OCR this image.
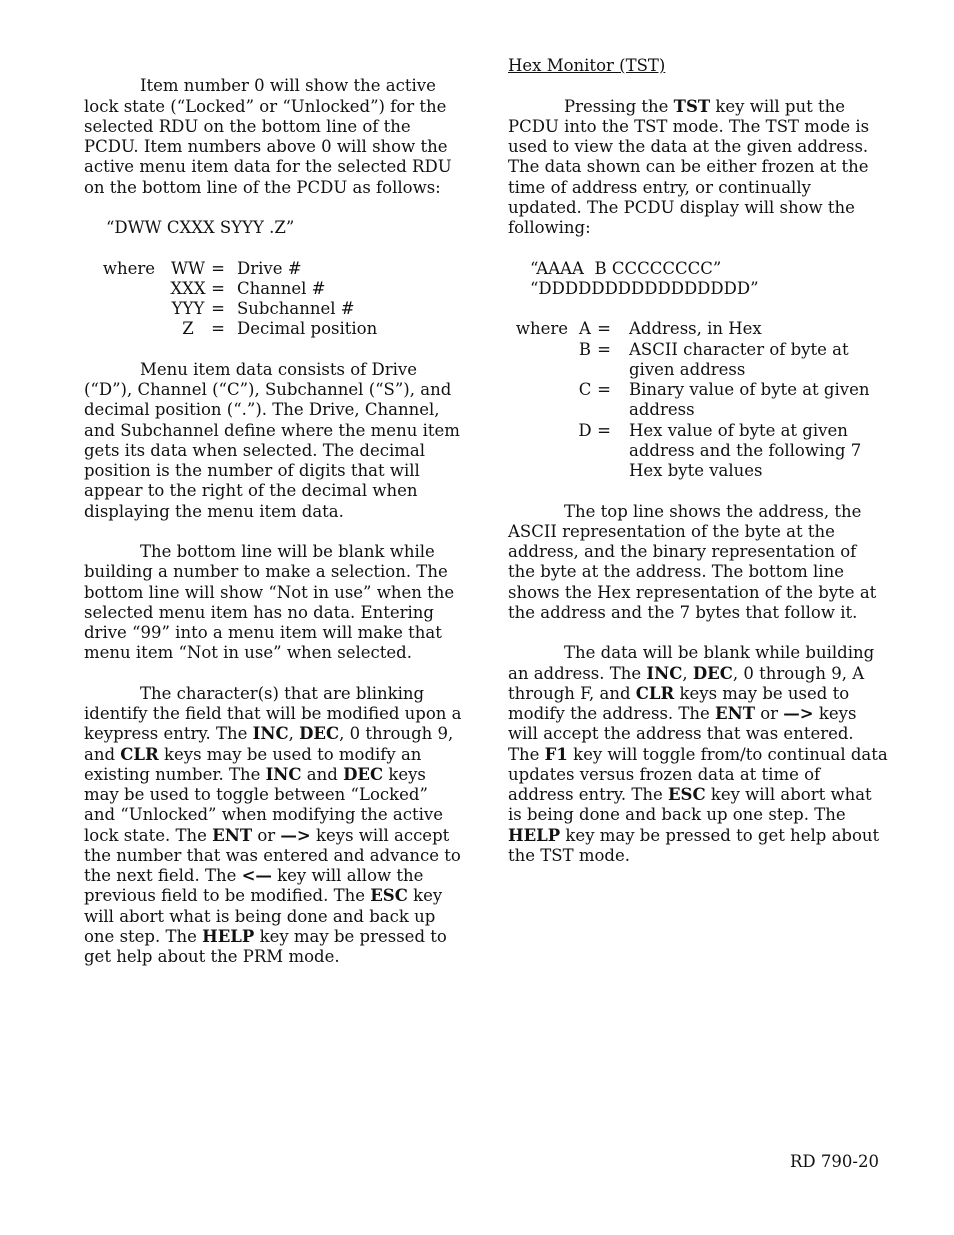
Item number 0 will show the active lock state (“Locked” or “Unlocked”) for the selected RDU on the bottom line of the PCDU. Item numbers above 0 will show the active menu item data for the selected RDU on the bottom line of the PCDU as follows:

“DWW CXXX SYYY .Z”

where	WW	=	Drive #
	XXX	=	Channel #
	YYY	=	Subchannel #
	Z	=	Decimal position

Menu item data consists of Drive (“D”), Channel (“C”), Subchannel (“S”), and decimal position (“.”). The Drive, Channel, and Subchannel define where the menu item gets its data when selected. The decimal position is the number of digits that will appear to the right of the decimal when displaying the menu item data.

The bottom line will be blank while building a number to make a selection. The bottom line will show “Not in use” when the selected menu item has no data. Entering drive “99” into a menu item will make that menu item “Not in use” when selected.

The character(s) that are blinking identify the field that will be modified upon a keypress entry. The INC, DEC, 0 through 9, and CLR keys may be used to modify an existing number. The INC and DEC keys may be used to toggle between “Locked” and “Unlocked” when modifying the active lock state. The ENT or —> keys will accept the number that was entered and advance to the next field. The <— key will allow the previous field to be modified. The ESC key will abort what is being done and back up one step. The HELP key may be pressed to get help about the PRM mode.

Hex Monitor (TST)

Pressing the TST key will put the PCDU into the TST mode. The TST mode is used to view the data at the given address. The data shown can be either frozen at the time of address entry, or continually updated. The PCDU display will show the following:

“AAAA  B CCCCCCCC”

“DDDDDDDDDDDDDDDD”

where	A	=	Address, in Hex
	B	=	ASCII character of byte at given address
	C	=	Binary value of byte at given address
	D	=	Hex value of byte at given address and the following 7 Hex byte values

The top line shows the address, the ASCII representation of the byte at the address, and the binary representation of the byte at the address. The bottom line shows the Hex representation of the byte at the address and the 7 bytes that follow it.

The data will be blank while building an address. The INC, DEC, 0 through 9, A through F, and CLR keys may be used to modify the address. The ENT or —> keys will accept the address that was entered. The F1 key will toggle from/to continual data updates versus frozen data at time of address entry. The ESC key will abort what is being done and back up one step. The HELP key may be pressed to get help about the TST mode.

RD 790-20
